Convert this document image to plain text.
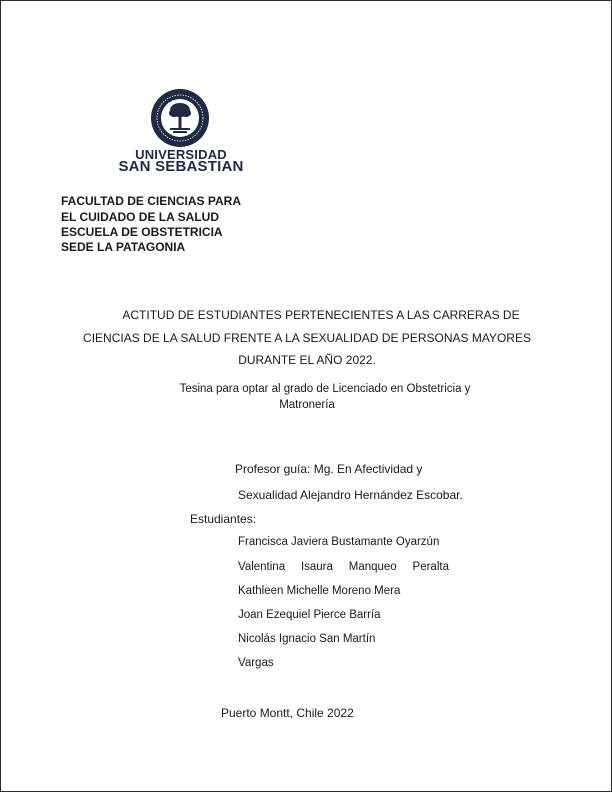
UNIVERSIDAD
SAN SEBASTIAN
FACULTAD DE CIENCIAS PARA
EL CUIDADO DE LA SALUD
ESCUELA DE OBSTETRICIA
SEDE LA PATAGONIA
ACTITUD DE ESTUDIANTES PERTENECIENTES A LAS CARRERAS DE
CIENCIAS DE LA SALUD FRENTE A LA SEXUALIDAD DE PERSONAS MAYORES
DURANTE EL AÑO 2022.
Tesina para optar al grado de Licenciado en Obstetricia y
Matronería
Profesor guía: Mg. En Afectividad y
Sexualidad Alejandro Hernández Escobar.
Estudiantes:
Francisca Javiera Bustamante Oyarzún
Valentina Isaura Manqueo Peralta
Kathleen Michelle Moreno Mera
Joan Ezequiel Pierce Barría
Nicolás Ignacio San Martín
Vargas
Puerto Montt, Chile 2022
